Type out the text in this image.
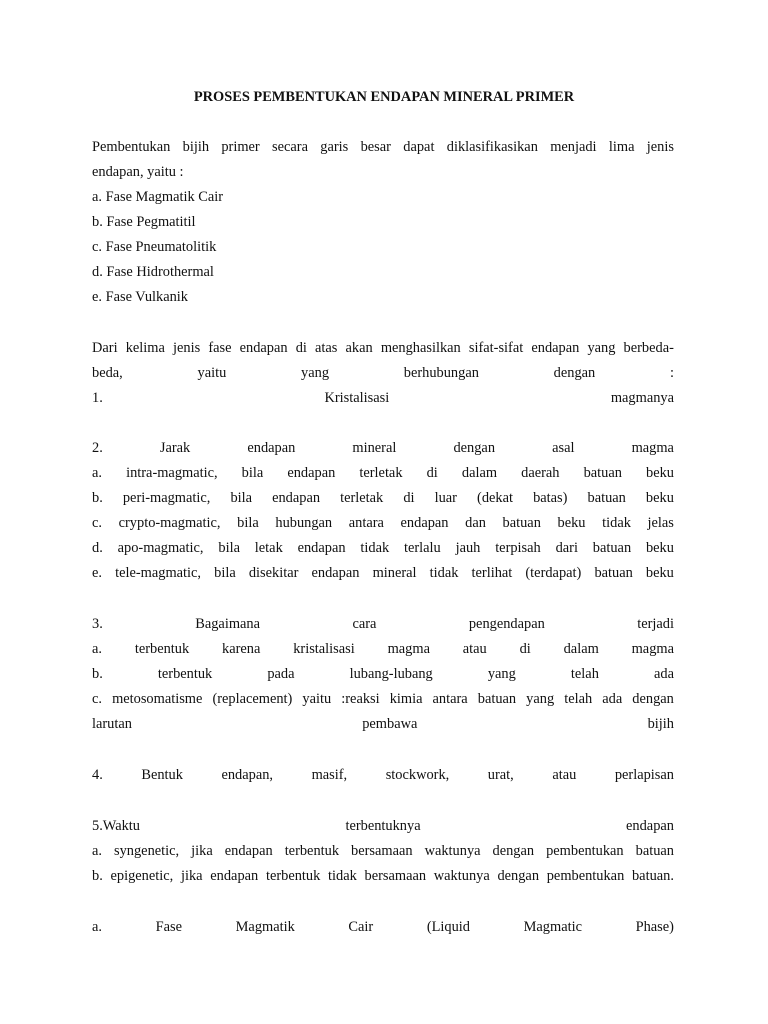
PROSES PEMBENTUKAN ENDAPAN MINERAL PRIMER
Pembentukan bijih primer secara garis besar dapat diklasifikasikan menjadi lima jenis
endapan, yaitu :
a. Fase Magmatik Cair
b. Fase Pegmatitil
c. Fase Pneumatolitik
d. Fase Hidrothermal
e. Fase Vulkanik
Dari kelima jenis fase endapan di atas akan menghasilkan sifat-sifat endapan yang berbeda-
beda,	yaitu	yang	berhubungan	dengan	:
1.	Kristalisasi	magmanya
2.	Jarak	endapan	mineral	dengan	asal	magma
a. intra-magmatic, bila endapan terletak di dalam daerah batuan beku
b. peri-magmatic, bila endapan terletak di luar (dekat batas) batuan beku
c. crypto-magmatic, bila hubungan antara endapan dan batuan beku tidak jelas
d. apo-magmatic, bila letak endapan tidak terlalu jauh terpisah dari batuan beku
e. tele-magmatic, bila disekitar endapan mineral tidak terlihat (terdapat) batuan beku
3.	Bagaimana	cara	pengendapan	terjadi
a. terbentuk karena kristalisasi magma atau di dalam magma
b.	terbentuk	pada	lubang-lubang	yang	telah	ada
c. metosomatisme (replacement) yaitu :reaksi kimia antara batuan yang telah ada dengan
larutan	pembawa	bijih
4.	Bentuk	endapan,	masif,	stockwork,	urat,	atau	perlapisan
5.Waktu	terbentuknya	endapan
a. syngenetic, jika endapan terbentuk bersamaan waktunya dengan pembentukan batuan
b. epigenetic, jika endapan terbentuk tidak bersamaan waktunya dengan pembentukan batuan.
a.	Fase	Magmatik	Cair	(Liquid	Magmatic	Phase)
